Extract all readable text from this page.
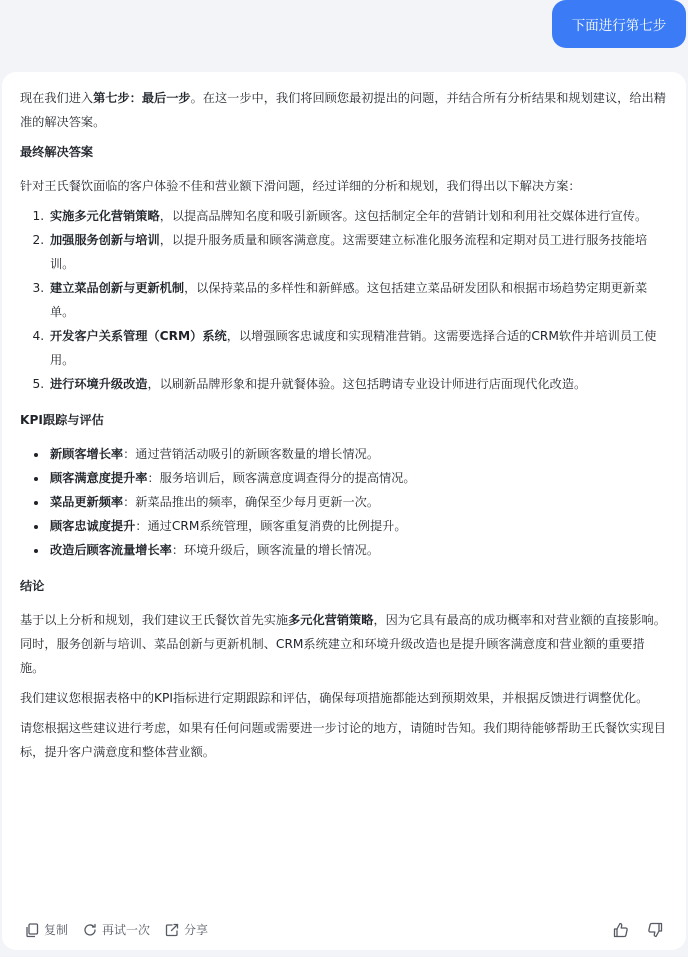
下面进行第七步

现在我们进入第七步：最后一步。在这一步中，我们将回顾您最初提出的问题，并结合所有分析结果和规划建议，给出精准的解决答案。

最终解决答案

针对王氏餐饮面临的客户体验不佳和营业额下滑问题，经过详细的分析和规划，我们得出以下解决方案：

1. 实施多元化营销策略，以提高品牌知名度和吸引新顾客。这包括制定全年的营销计划和利用社交媒体进行宣传。
2. 加强服务创新与培训，以提升服务质量和顾客满意度。这需要建立标准化服务流程和定期对员工进行服务技能培训。
3. 建立菜品创新与更新机制，以保持菜品的多样性和新鲜感。这包括建立菜品研发团队和根据市场趋势定期更新菜单。
4. 开发客户关系管理（CRM）系统，以增强顾客忠诚度和实现精准营销。这需要选择合适的CRM软件并培训员工使用。
5. 进行环境升级改造，以刷新品牌形象和提升就餐体验。这包括聘请专业设计师进行店面现代化改造。

KPI跟踪与评估

• 新顾客增长率：通过营销活动吸引的新顾客数量的增长情况。
• 顾客满意度提升率：服务培训后，顾客满意度调查得分的提高情况。
• 菜品更新频率：新菜品推出的频率，确保至少每月更新一次。
• 顾客忠诚度提升：通过CRM系统管理，顾客重复消费的比例提升。
• 改造后顾客流量增长率：环境升级后，顾客流量的增长情况。

结论

基于以上分析和规划，我们建议王氏餐饮首先实施多元化营销策略，因为它具有最高的成功概率和对营业额的直接影响。同时，服务创新与培训、菜品创新与更新机制、CRM系统建立和环境升级改造也是提升顾客满意度和营业额的重要措施。

我们建议您根据表格中的KPI指标进行定期跟踪和评估，确保每项措施都能达到预期效果，并根据反馈进行调整优化。

请您根据这些建议进行考虑，如果有任何问题或需要进一步讨论的地方，请随时告知。我们期待能够帮助王氏餐饮实现目标，提升客户满意度和整体营业额。

复制	再试一次	分享
